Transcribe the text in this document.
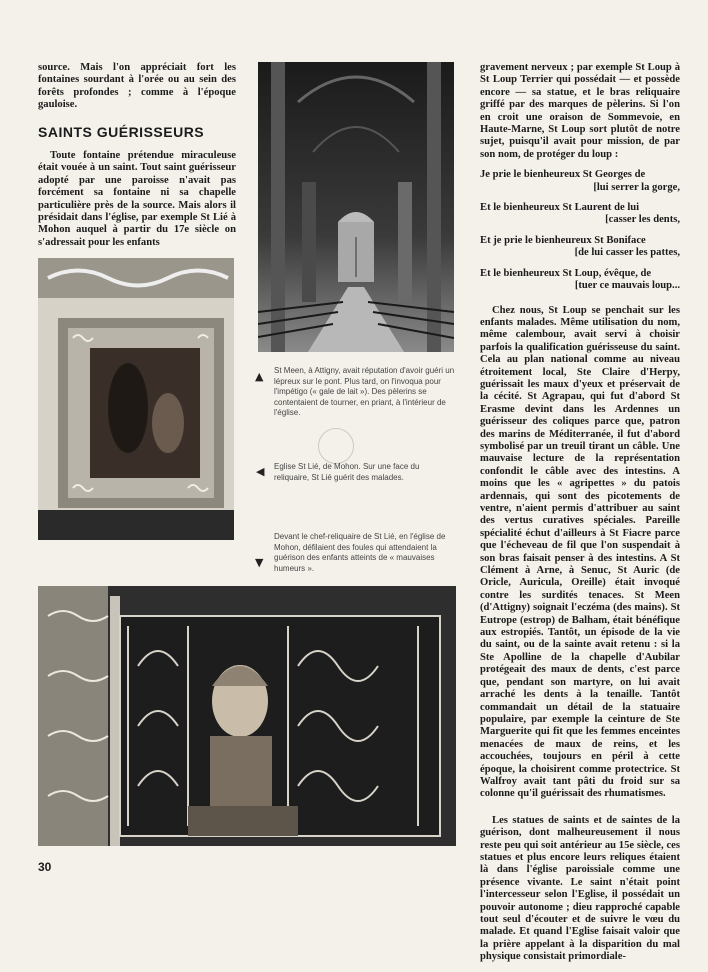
source. Mais l'on appréciait fort les fontaines sourdant à l'orée ou au sein des forêts profondes ; comme à l'époque gauloise.

SAINTS GUÉRISSEURS

Toute fontaine prétendue miraculeuse était vouée à un saint. Tout saint guérisseur adopté par une paroisse n'avait pas forcément sa fontaine ni sa chapelle particulière près de la source. Mais alors il présidait dans l'église, par exemple St Lié à Mohon auquel à partir du 17e siècle on s'adressait pour les enfants

▲ St Meen, à Attigny, avait réputation d'avoir guéri un lépreux sur le pont. Plus tard, on l'invoqua pour l'impétigo (« gale de lait »). Des pèlerins se contentaient de tourner, en priant, à l'intérieur de l'église.
◀ Eglise St Lié, de Mohon. Sur une face du reliquaire, St Lié guérit des malades.
Devant le chef-reliquaire de St Lié, en l'église de Mohon, défilaient des foules qui attendaient la guérison des enfants atteints de « mauvaises humeurs ».
▼

gravement nerveux ; par exemple St Loup à St Loup Terrier qui possédait — et possède encore — sa statue, et le bras reliquaire griffé par des marques de pèlerins. Si l'on en croit une oraison de Sommevoie, en Haute-Marne, St Loup sort plutôt de notre sujet, puisqu'il avait pour mission, de par son nom, de protéger du loup :

Je prie le bienheureux St Georges de
[lui serrer la gorge,
Et le bienheureux St Laurent de lui
[casser les dents,
Et je prie le bienheureux St Boniface
[de lui casser les pattes,
Et le bienheureux St Loup, évêque, de
[tuer ce mauvais loup...

Chez nous, St Loup se penchait sur les enfants malades. Même utilisation du nom, même calembour, avait servi à choisir parfois la qualification guérisseuse du saint. Cela au plan national comme au niveau étroitement local, Ste Claire d'Herpy, guérissait les maux d'yeux et préservait de la cécité. St Agrapau, qui fut d'abord St Erasme devint dans les Ardennes un guérisseur des coliques parce que, patron des marins de Méditerranée, il fut d'abord symbolisé par un treuil tirant un câble. Une mauvaise lecture de la représentation confondit le câble avec des intestins. A moins que les « agripettes » du patois ardennais, qui sont des picotements de ventre, n'aient permis d'attribuer au saint des vertus curatives spéciales. Pareille spécialité échut d'ailleurs à St Fiacre parce que l'écheveau de fil que l'on suspendait à son bras faisait penser à des intestins. A St Clément à Arne, à Senuc, St Auric (de Oricle, Auricula, Oreille) était invoqué contre les surdités tenaces. St Meen (d'Attigny) soignait l'eczéma (des mains). St Eutrope (estrop) de Balham, était bénéfique aux estropiés. Tantôt, un épisode de la vie du saint, ou de la sainte avait retenu : si la Ste Apolline de la chapelle d'Aubilar protégeait des maux de dents, c'est parce que, pendant son martyre, on lui avait arraché les dents à la tenaille. Tantôt commandait un détail de la statuaire populaire, par exemple la ceinture de Ste Marguerite qui fit que les femmes enceintes menacées de maux de reins, et les accouchées, toujours en péril à cette époque, la choisirent comme protectrice. St Walfroy avait tant pâti du froid sur sa colonne qu'il guérissait des rhumatismes.

Les statues de saints et de saintes de la guérison, dont malheureusement il nous reste peu qui soit antérieur au 15e siècle, ces statues et plus encore leurs reliques étaient là dans l'église paroissiale comme une présence vivante. Le saint n'était point l'intercesseur selon l'Eglise, il possédait un pouvoir autonome ; dieu rapproché capable tout seul d'écouter et de suivre le vœu du malade. Et quand l'Eglise faisait valoir que la prière appelant à la disparition du mal physique consistait primordiale-

30
